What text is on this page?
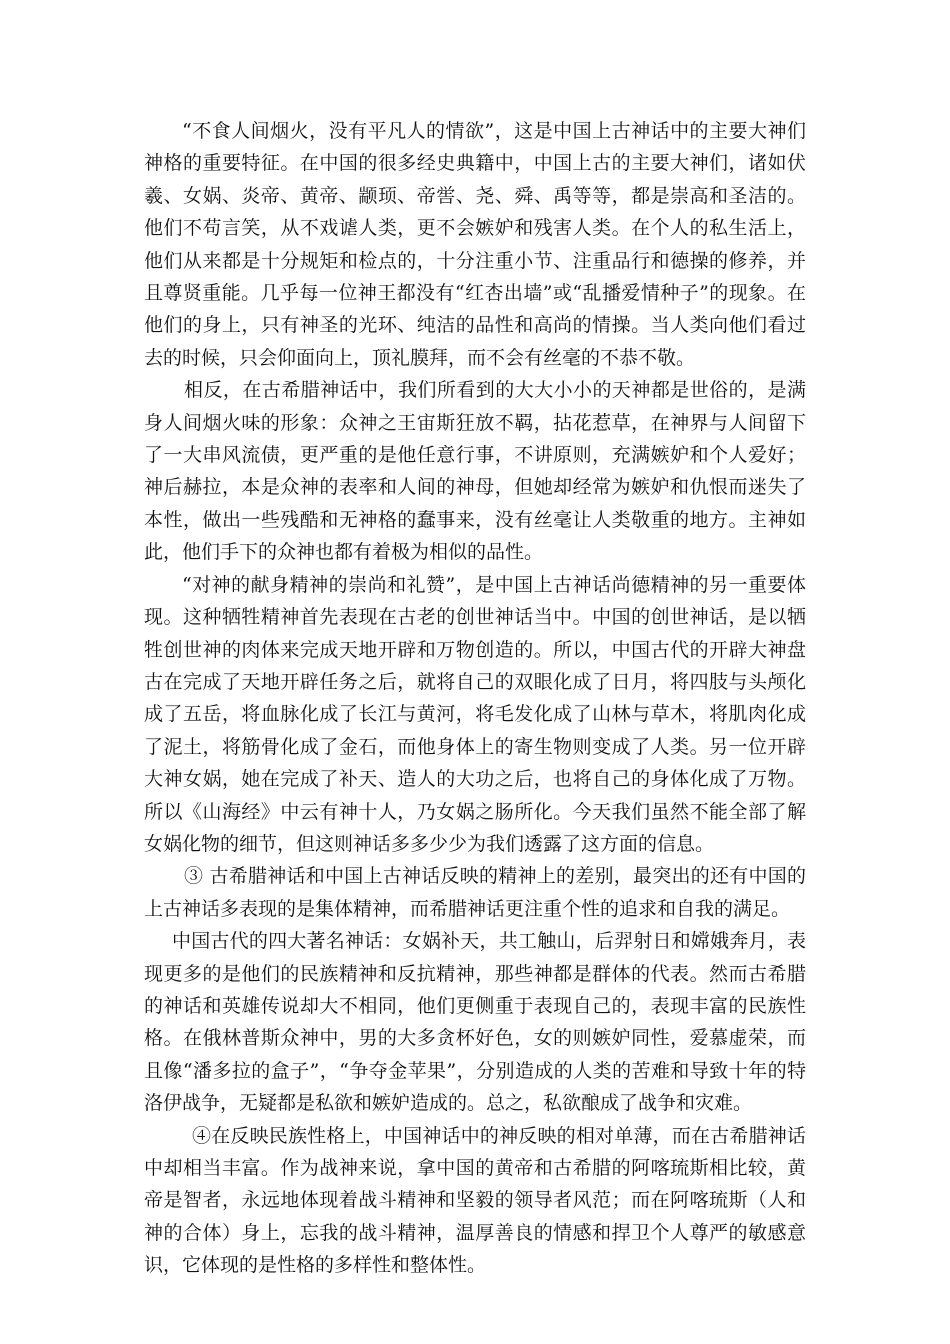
“不食人间烟火，没有平凡人的情欲”，这是中国上古神话中的主要大神们神格的重要特征。在中国的很多经史典籍中，中国上古的主要大神们，诸如伏羲、女娲、炎帝、黄帝、颛顼、帝喾、尧、舜、禹等等，都是崇高和圣洁的。他们不苟言笑，从不戏谑人类，更不会嫉妒和残害人类。在个人的私生活上，他们从来都是十分规矩和检点的，十分注重小节、注重品行和德操的修养，并且尊贤重能。几乎每一位神王都没有“红杏出墙”或“乱播爱情种子”的现象。在他们的身上，只有神圣的光环、纯洁的品性和高尚的情操。当人类向他们看过去的时候，只会仰面向上，顶礼膜拜，而不会有丝毫的不恭不敬。

相反，在古希腊神话中，我们所看到的大大小小的天神都是世俗的，是满身人间烟火味的形象：众神之王宙斯狂放不羁，拈花惹草，在神界与人间留下了一大串风流债，更严重的是他任意行事，不讲原则，充满嫉妒和个人爱好；神后赫拉，本是众神的表率和人间的神母，但她却经常为嫉妒和仇恨而迷失了本性，做出一些残酷和无神格的蠢事来，没有丝毫让人类敬重的地方。主神如此，他们手下的众神也都有着极为相似的品性。

“对神的献身精神的崇尚和礼赞”，是中国上古神话尚德精神的另一重要体现。这种牺牲精神首先表现在古老的创世神话当中。中国的创世神话，是以牺牲创世神的肉体来完成天地开辟和万物创造的。所以，中国古代的开辟大神盘古在完成了天地开辟任务之后，就将自己的双眼化成了日月，将四肢与头颅化成了五岳，将血脉化成了长江与黄河，将毛发化成了山林与草木，将肌肉化成了泥土，将筋骨化成了金石，而他身体上的寄生物则变成了人类。另一位开辟大神女娲，她在完成了补天、造人的大功之后，也将自己的身体化成了万物。所以《山海经》中云有神十人，乃女娲之肠所化。今天我们虽然不能全部了解女娲化物的细节，但这则神话多多少少为我们透露了这方面的信息。

③ 古希腊神话和中国上古神话反映的精神上的差别，最突出的还有中国的上古神话多表现的是集体精神，而希腊神话更注重个性的追求和自我的满足。

中国古代的四大著名神话：女娲补天，共工触山，后羿射日和嫦娥奔月，表现更多的是他们的民族精神和反抗精神，那些神都是群体的代表。然而古希腊的神话和英雄传说却大不相同，他们更侧重于表现自己的，表现丰富的民族性格。在俄林普斯众神中，男的大多贪杯好色，女的则嫉妒同性，爱慕虚荣，而且像“潘多拉的盒子”，“争夺金苹果”，分别造成的人类的苦难和导致十年的特洛伊战争，无疑都是私欲和嫉妒造成的。总之，私欲酿成了战争和灾难。

④在反映民族性格上，中国神话中的神反映的相对单薄，而在古希腊神话中却相当丰富。作为战神来说，拿中国的黄帝和古希腊的阿喀琉斯相比较，黄帝是智者，永远地体现着战斗精神和坚毅的领导者风范；而在阿喀琉斯（人和神的合体）身上，忘我的战斗精神，温厚善良的情感和捍卫个人尊严的敏感意识，它体现的是性格的多样性和整体性。
